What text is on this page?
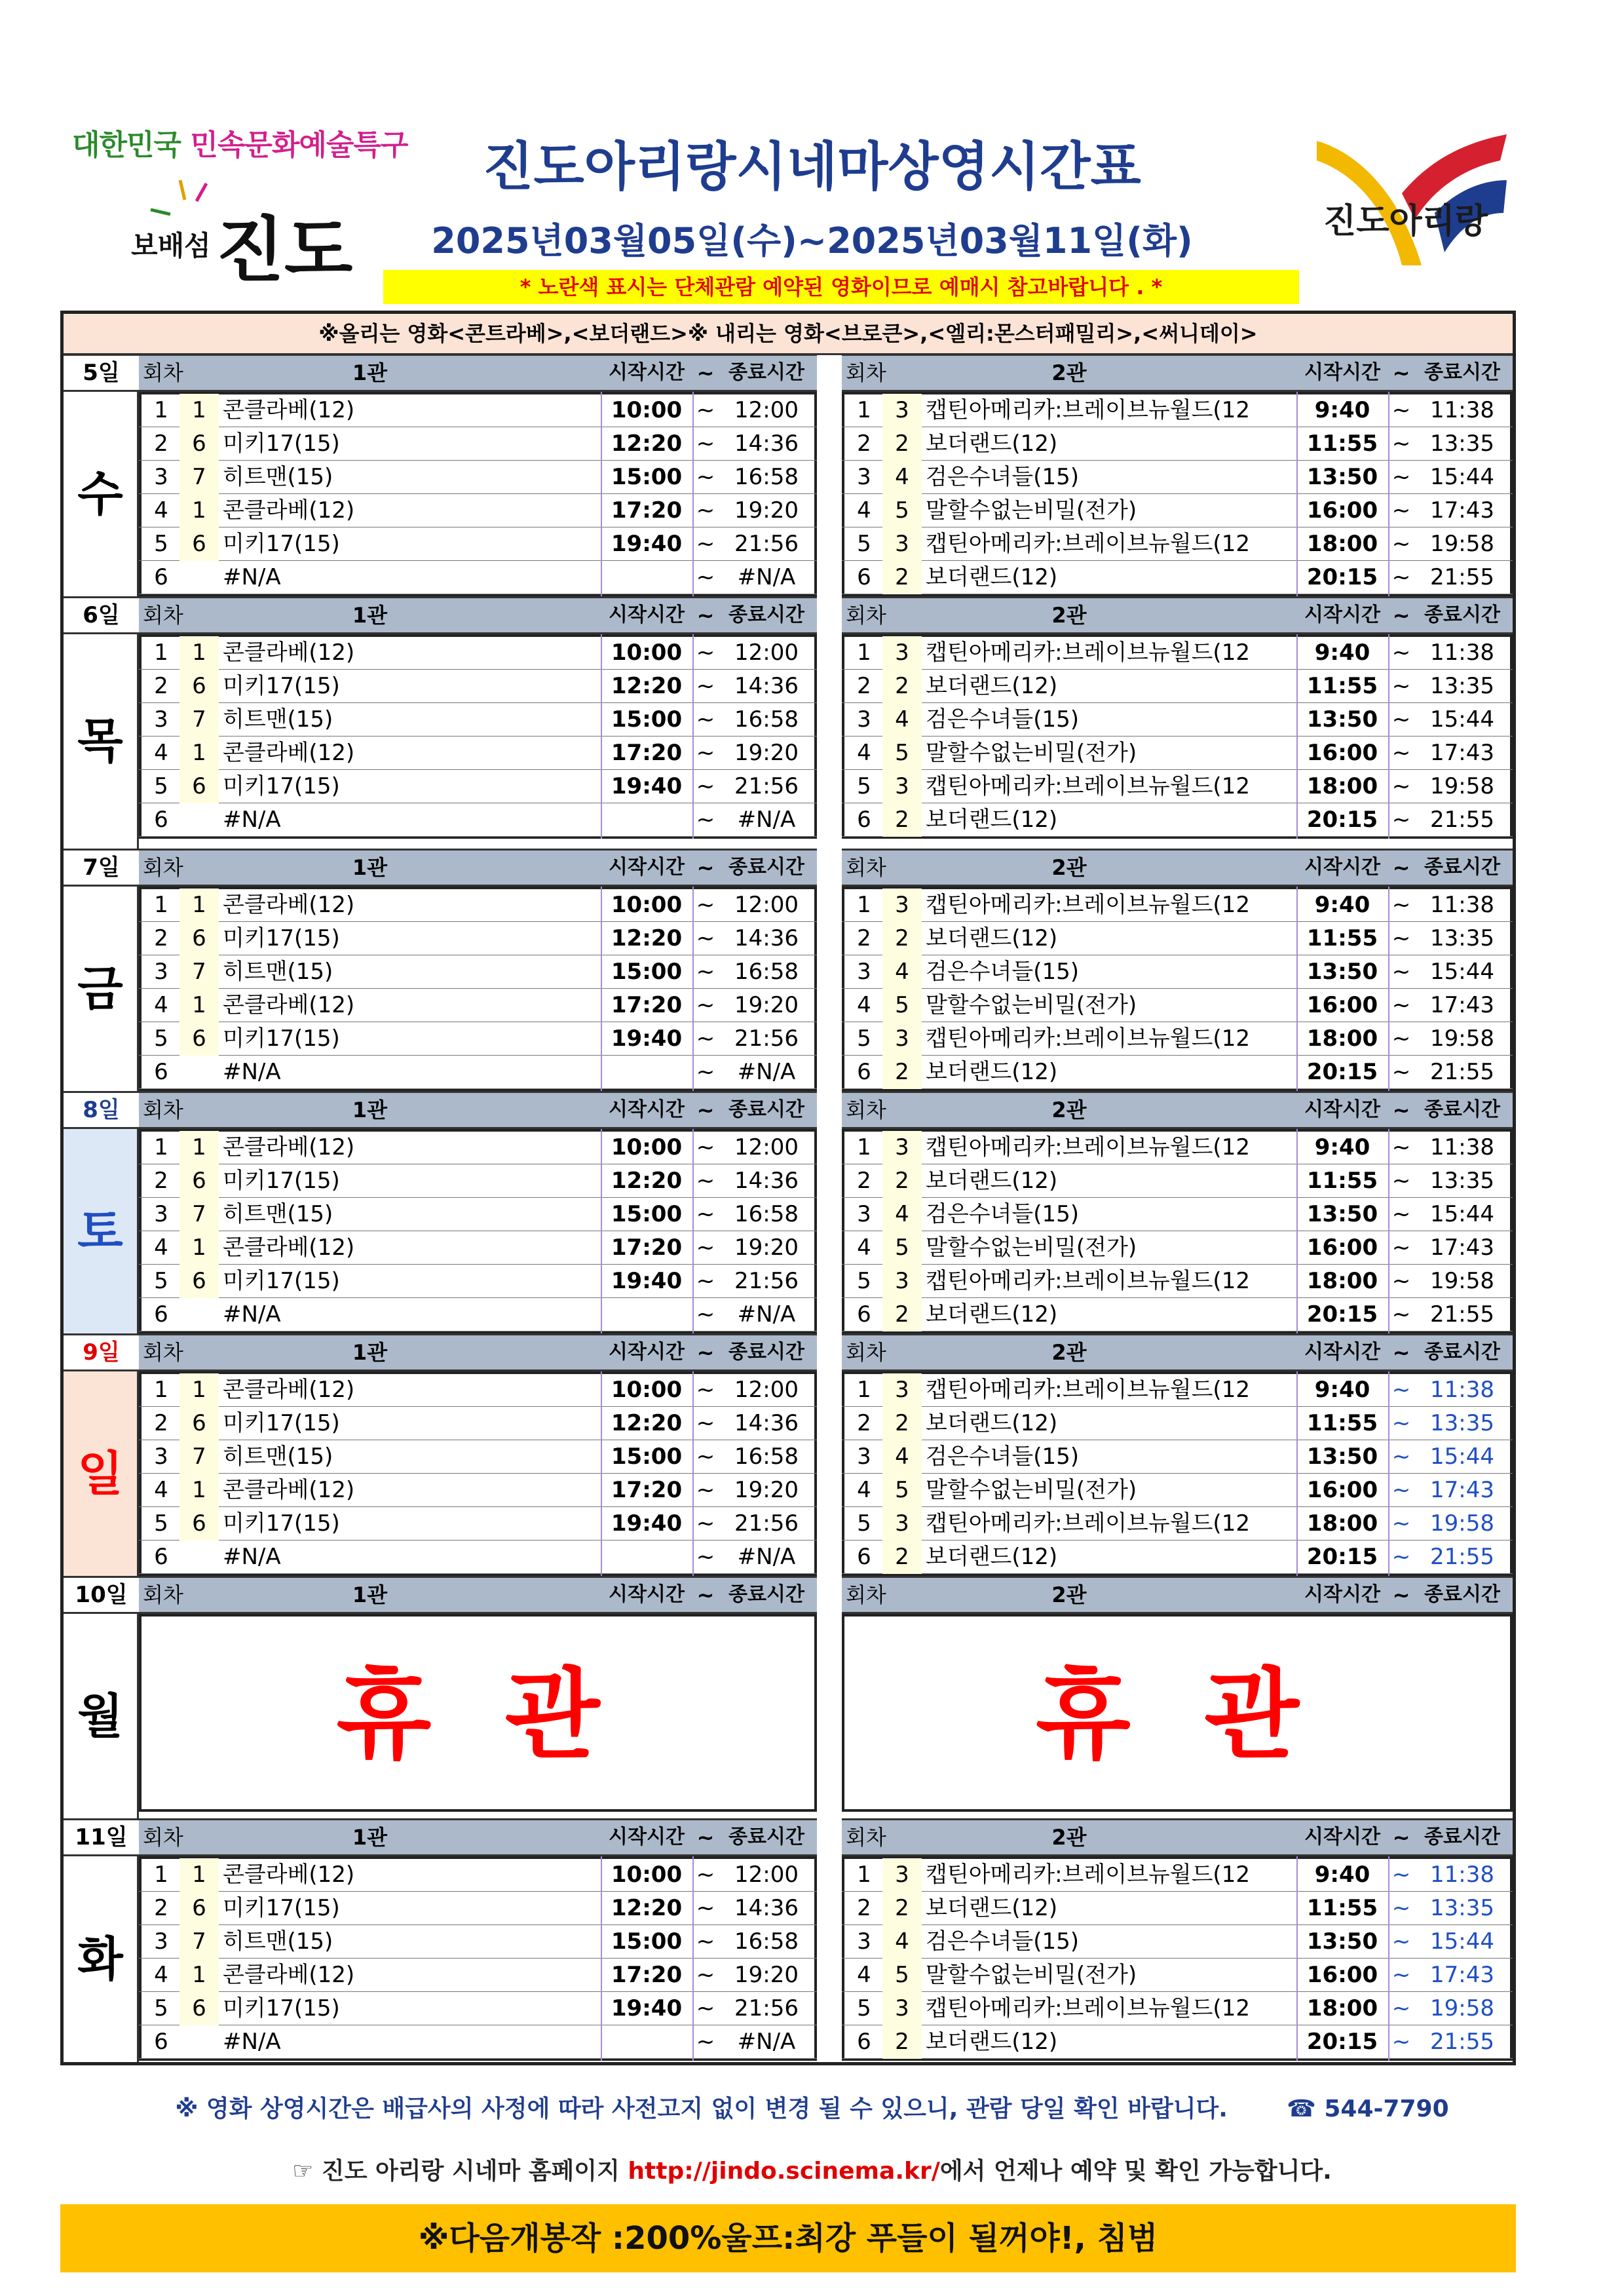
대한민국 민속문화예술특구
보배섬진도	진도아리랑
진도아리랑시네마상영시간표
2025년03월05일(수)~2025년03월11일(화)
* 노란색 표시는 단체관람 예약된 영화이므로 예매시 참고바랍니다 . *
※올리는 영화<콘트라베>,<보더랜드>※ 내리는 영화<브로큰>,<엘리:몬스터패밀리>,<써니데이>
5일	회차	1관	시작시간 ~ 종료시간	회차	2관	시작시간 ~ 종료시간
수
1	1 콘클라베(12)	10:00 ~ 12:00
2	6 미키17(15)	12:20 ~ 14:36
3	7 히트맨(15)	15:00 ~ 16:58
4	1 콘클라베(12)	17:20 ~ 19:20
5	6 미키17(15)	19:40 ~ 21:56
6	#N/A	~	#N/A
1	3 캡틴아메리카:브레이브뉴월드(12	9:40 ~ 11:38
2	2 보더랜드(12)	11:55 ~ 13:35
3	4 검은수녀들(15)	13:50 ~ 15:44
4	5 말할수없는비밀(전가)	16:00 ~ 17:43
5	3 캡틴아메리카:브레이브뉴월드(12	18:00 ~ 19:58
6	2 보더랜드(12)	20:15 ~ 21:55
6일	회차	1관	시작시간 ~ 종료시간	회차	2관	시작시간 ~ 종료시간
목
1	1 콘클라베(12)	10:00 ~ 12:00
2	6 미키17(15)	12:20 ~ 14:36
3	7 히트맨(15)	15:00 ~ 16:58
4	1 콘클라베(12)	17:20 ~ 19:20
5	6 미키17(15)	19:40 ~ 21:56
6	#N/A	~	#N/A
1	3 캡틴아메리카:브레이브뉴월드(12	9:40 ~ 11:38
2	2 보더랜드(12)	11:55 ~ 13:35
3	4 검은수녀들(15)	13:50 ~ 15:44
4	5 말할수없는비밀(전가)	16:00 ~ 17:43
5	3 캡틴아메리카:브레이브뉴월드(12	18:00 ~ 19:58
6	2 보더랜드(12)	20:15 ~ 21:55
7일	회차	1관	시작시간 ~ 종료시간	회차	2관	시작시간 ~ 종료시간
금
1	1 콘클라베(12)	10:00 ~ 12:00
2	6 미키17(15)	12:20 ~ 14:36
3	7 히트맨(15)	15:00 ~ 16:58
4	1 콘클라베(12)	17:20 ~ 19:20
5	6 미키17(15)	19:40 ~ 21:56
6	#N/A	~	#N/A
1	3 캡틴아메리카:브레이브뉴월드(12	9:40 ~ 11:38
2	2 보더랜드(12)	11:55 ~ 13:35
3	4 검은수녀들(15)	13:50 ~ 15:44
4	5 말할수없는비밀(전가)	16:00 ~ 17:43
5	3 캡틴아메리카:브레이브뉴월드(12	18:00 ~ 19:58
6	2 보더랜드(12)	20:15 ~ 21:55
8일	회차	1관	시작시간 ~ 종료시간	회차	2관	시작시간 ~ 종료시간
토
1	1 콘클라베(12)	10:00 ~ 12:00
2	6 미키17(15)	12:20 ~ 14:36
3	7 히트맨(15)	15:00 ~ 16:58
4	1 콘클라베(12)	17:20 ~ 19:20
5	6 미키17(15)	19:40 ~ 21:56
6	#N/A	~	#N/A
1	3 캡틴아메리카:브레이브뉴월드(12	9:40 ~ 11:38
2	2 보더랜드(12)	11:55 ~ 13:35
3	4 검은수녀들(15)	13:50 ~ 15:44
4	5 말할수없는비밀(전가)	16:00 ~ 17:43
5	3 캡틴아메리카:브레이브뉴월드(12	18:00 ~ 19:58
6	2 보더랜드(12)	20:15 ~ 21:55
9일	회차	1관	시작시간 ~ 종료시간	회차	2관	시작시간 ~ 종료시간
일
1	1 콘클라베(12)	10:00 ~ 12:00
2	6 미키17(15)	12:20 ~ 14:36
3	7 히트맨(15)	15:00 ~ 16:58
4	1 콘클라베(12)	17:20 ~ 19:20
5	6 미키17(15)	19:40 ~ 21:56
6	#N/A	~	#N/A
1	3 캡틴아메리카:브레이브뉴월드(12	9:40 ~ 11:38
2	2 보더랜드(12)	11:55 ~ 13:35
3	4 검은수녀들(15)	13:50 ~ 15:44
4	5 말할수없는비밀(전가)	16:00 ~ 17:43
5	3 캡틴아메리카:브레이브뉴월드(12	18:00 ~ 19:58
6	2 보더랜드(12)	20:15 ~ 21:55
10일 회차	1관	시작시간 ~ 종료시간	회차	2관	시작시간 ~ 종료시간
월	휴 관	휴 관
11일 회차	1관	시작시간 ~ 종료시간	회차	2관	시작시간 ~ 종료시간
화
1	1 콘클라베(12)	10:00 ~ 12:00
2	6 미키17(15)	12:20 ~ 14:36
3	7 히트맨(15)	15:00 ~ 16:58
4	1 콘클라베(12)	17:20 ~ 19:20
5	6 미키17(15)	19:40 ~ 21:56
6	#N/A	~	#N/A
1	3 캡틴아메리카:브레이브뉴월드(12	9:40 ~ 11:38
2	2 보더랜드(12)	11:55 ~ 13:35
3	4 검은수녀들(15)	13:50 ~ 15:44
4	5 말할수없는비밀(전가)	16:00 ~ 17:43
5	3 캡틴아메리카:브레이브뉴월드(12	18:00 ~ 19:58
6	2 보더랜드(12)	20:15 ~ 21:55
※ 영화 상영시간은 배급사의 사정에 따라 사전고지 없이 변경 될 수 있으니, 관람 당일 확인 바랍니다.	☎ 544-7790
☞ 진도 아리랑 시네마 홈페이지 http://jindo.scinema.kr/에서 언제나 예약 및 확인 가능합니다.
※다음개봉작 :200%울프:최강 푸들이 될꺼야!, 침범
